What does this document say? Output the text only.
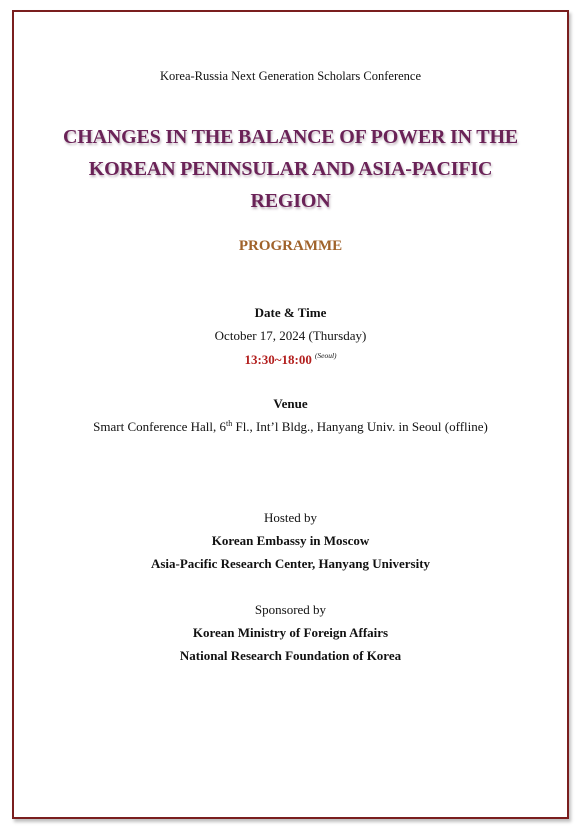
Korea-Russia Next Generation Scholars Conference
CHANGES IN THE BALANCE OF POWER IN THE
KOREAN PENINSULAR AND ASIA-PACIFIC
REGION
PROGRAMME
Date & Time
October 17, 2024 (Thursday)
13:30~18:00 $^{(Seoul)}$
Venue
Smart Conference Hall, 6th Fl., Int’l Bldg., Hanyang Univ. in Seoul (offline)
Hosted by
Korean Embassy in Moscow
Asia-Pacific Research Center, Hanyang University
Sponsored by
Korean Ministry of Foreign Affairs
National Research Foundation of Korea
